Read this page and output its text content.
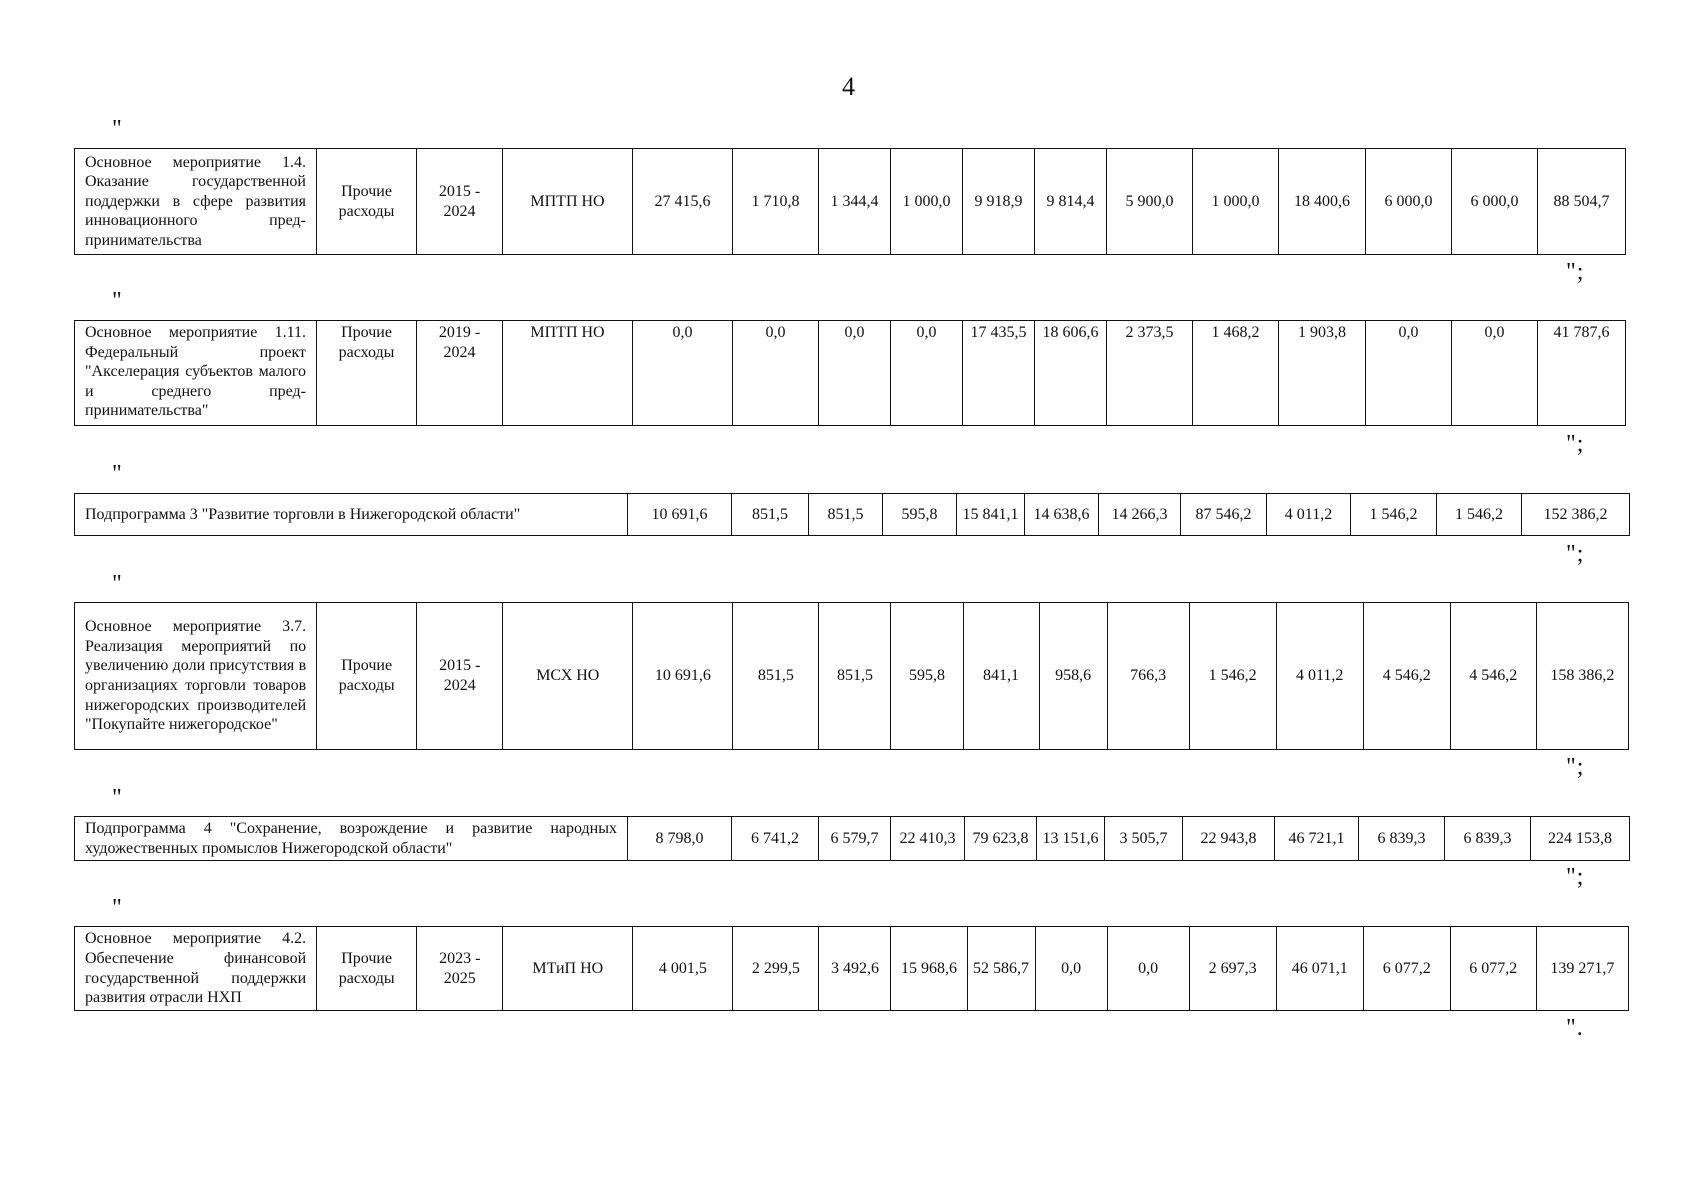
4
"
Основное мероприятие 1.4. Оказание государственной поддержки в сфере развития инновационного предпринимательства	Прочие расходы	2015 - 2024	МПТП НО	27 415,6	1 710,8	1 344,4	1 000,0	9 918,9	9 814,4	5 900,0	1 000,0	18 400,6	6 000,0	6 000,0	88 504,7
";
"
Основное мероприятие 1.11. Федеральный проект "Акселерация субъектов малого и среднего предпринимательства"	Прочие расходы	2019 - 2024	МПТП НО	0,0	0,0	0,0	0,0	17 435,5	18 606,6	2 373,5	1 468,2	1 903,8	0,0	0,0	41 787,6
";
"
Подпрограмма 3 "Развитие торговли в Нижегородской области"	10 691,6	851,5	851,5	595,8	15 841,1	14 638,6	14 266,3	87 546,2	4 011,2	1 546,2	1 546,2	152 386,2
";
"
Основное мероприятие 3.7. Реализация мероприятий по увеличению доли присутствия в организациях торговли товаров нижегородских производителей "Покупайте нижегородское"	Прочие расходы	2015 - 2024	МСХ НО	10 691,6	851,5	851,5	595,8	841,1	958,6	766,3	1 546,2	4 011,2	4 546,2	4 546,2	158 386,2
";
"
Подпрограмма 4 "Сохранение, возрождение и развитие народных художественных промыслов Нижегородской области"	8 798,0	6 741,2	6 579,7	22 410,3	79 623,8	13 151,6	3 505,7	22 943,8	46 721,1	6 839,3	6 839,3	224 153,8
";
"
Основное мероприятие 4.2. Обеспечение финансовой государственной поддержки развития отрасли НХП	Прочие расходы	2023 - 2025	МТиП НО	4 001,5	2 299,5	3 492,6	15 968,6	52 586,7	0,0	0,0	2 697,3	46 071,1	6 077,2	6 077,2	139 271,7
".
